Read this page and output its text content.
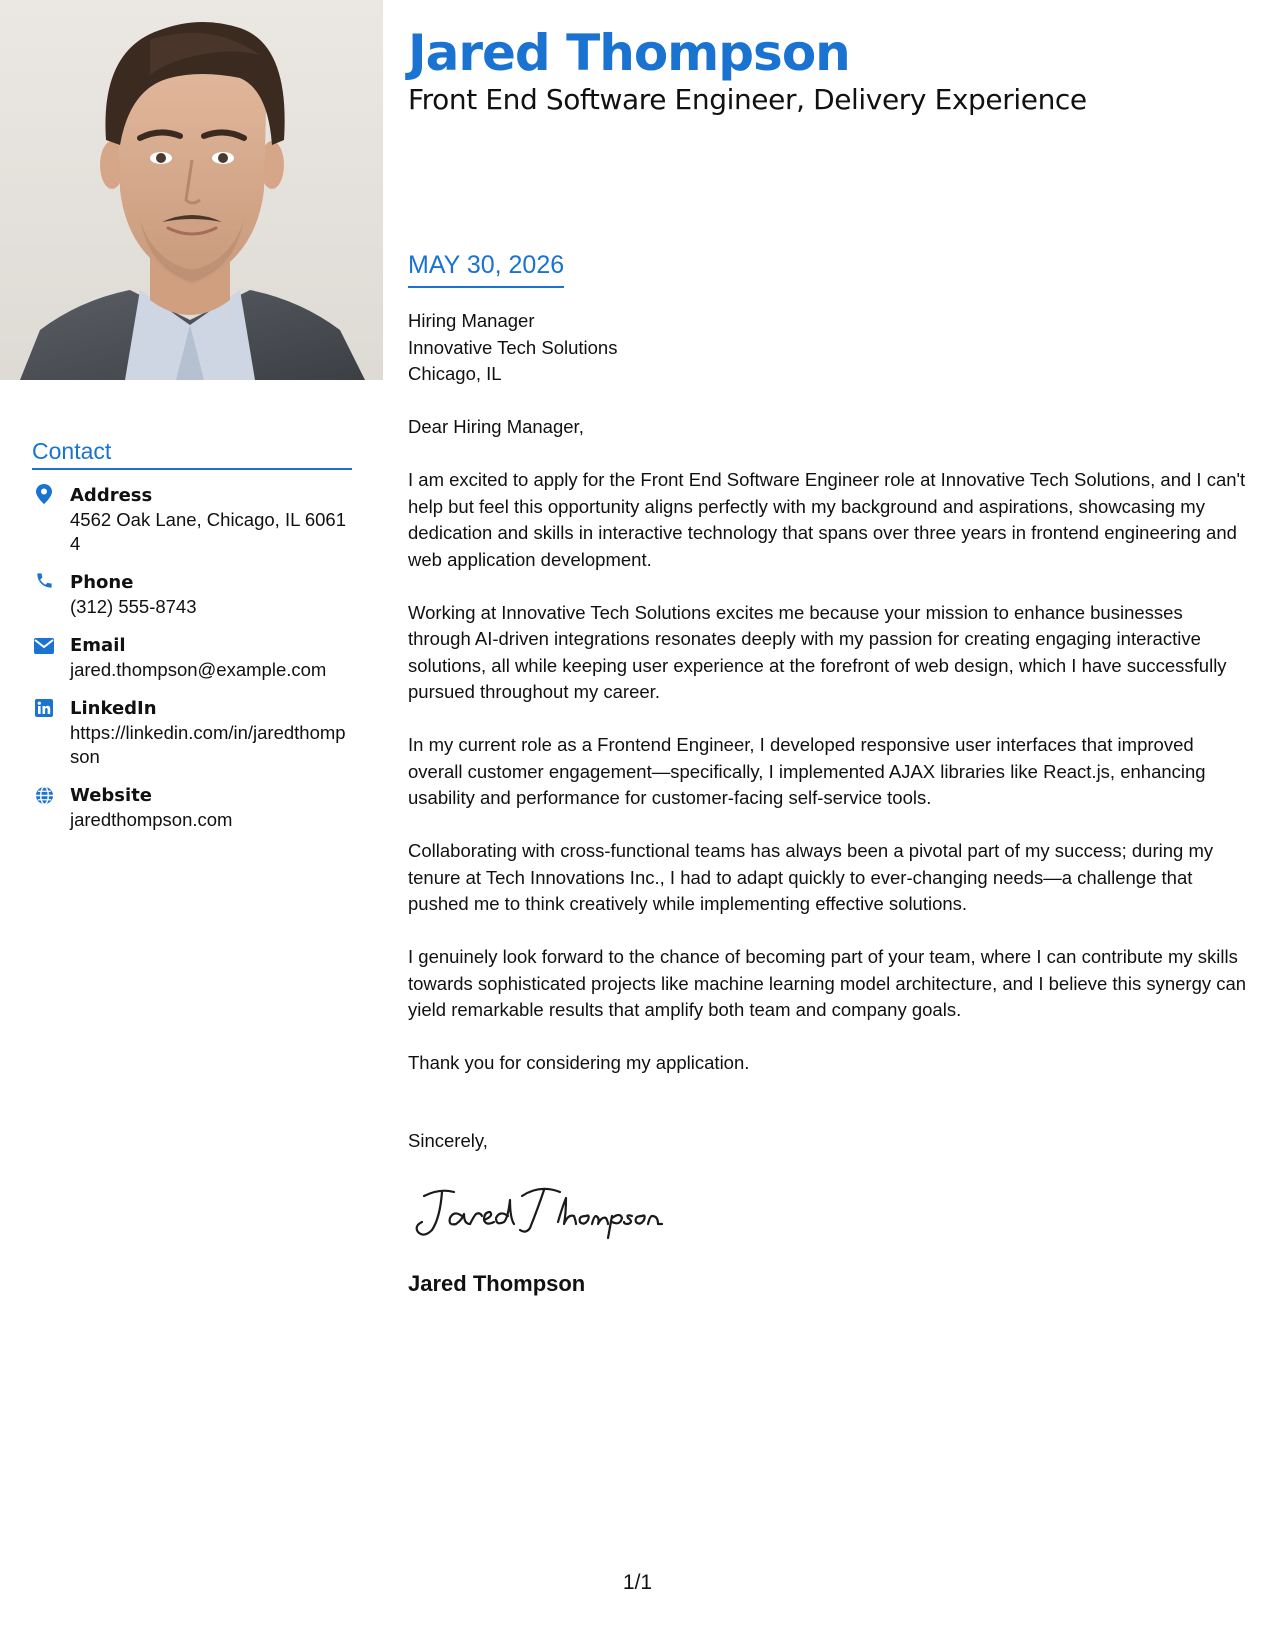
Contact
Address
4562 Oak Lane, Chicago, IL 60614
Phone
(312) 555-8743
Email
jared.thompson@example.com
LinkedIn
https://linkedin.com/in/jaredthompson
Website
jaredthompson.com
Jared Thompson
Front End Software Engineer, Delivery Experience
MAY 30, 2026
Hiring Manager
Innovative Tech Solutions
Chicago, IL

Dear Hiring Manager,

I am excited to apply for the Front End Software Engineer role at Innovative Tech Solutions, and I can't help but feel this opportunity aligns perfectly with my background and aspirations, showcasing my dedication and skills in interactive technology that spans over three years in frontend engineering and web application development.

Working at Innovative Tech Solutions excites me because your mission to enhance businesses through AI-driven integrations resonates deeply with my passion for creating engaging interactive solutions, all while keeping user experience at the forefront of web design, which I have successfully pursued throughout my career.

In my current role as a Frontend Engineer, I developed responsive user interfaces that improved overall customer engagement—specifically, I implemented AJAX libraries like React.js, enhancing usability and performance for customer-facing self-service tools.

Collaborating with cross-functional teams has always been a pivotal part of my success; during my tenure at Tech Innovations Inc., I had to adapt quickly to ever-changing needs—a challenge that pushed me to think creatively while implementing effective solutions.

I genuinely look forward to the chance of becoming part of your team, where I can contribute my skills towards sophisticated projects like machine learning model architecture, and I believe this synergy can yield remarkable results that amplify both team and company goals.

Thank you for considering my application.

Sincerely,
Jared Thompson
1/1
